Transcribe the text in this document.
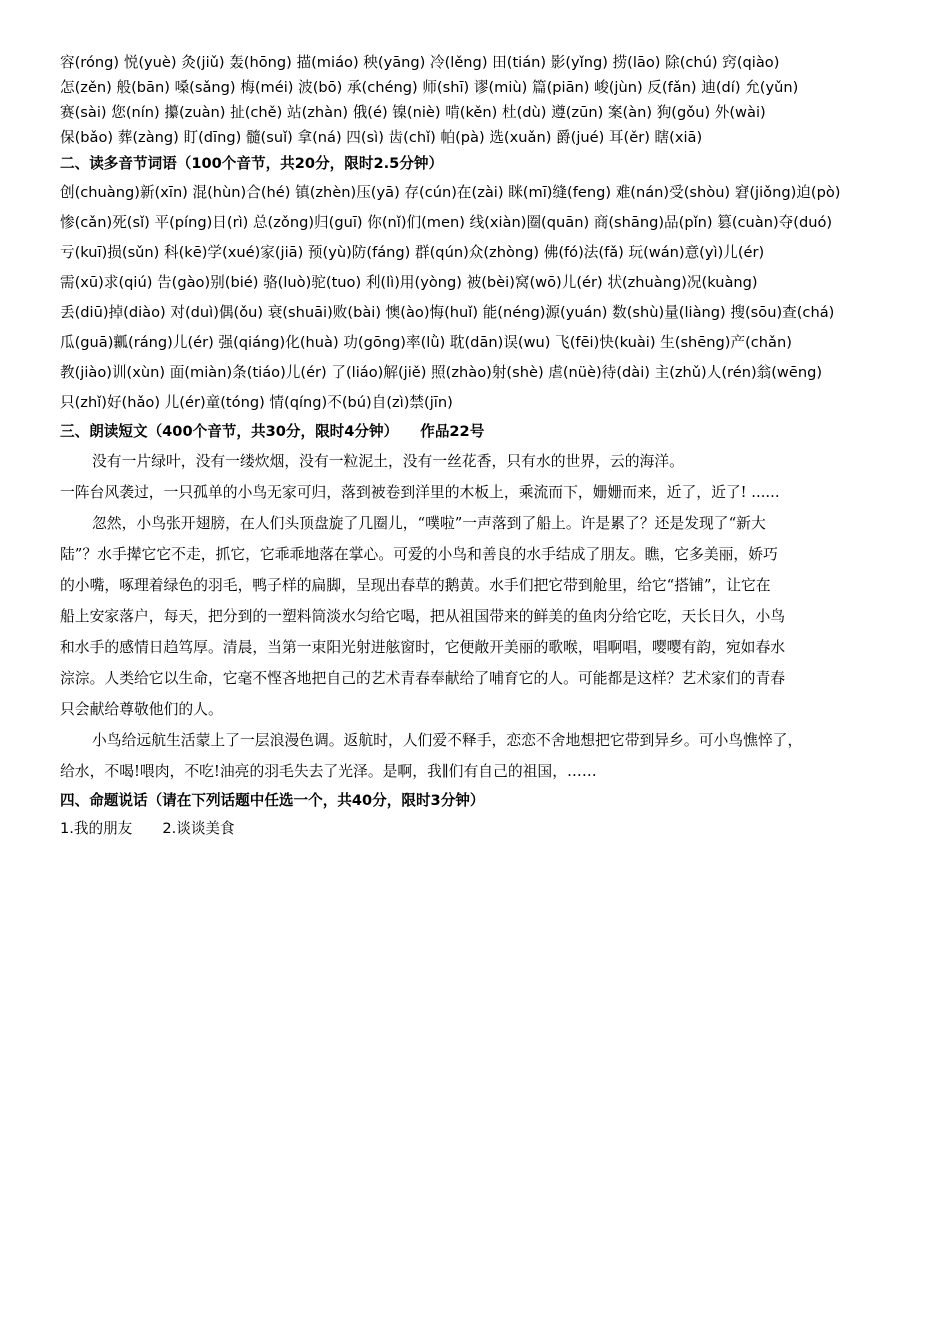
容(róng) 悦(yuè) 灸(jiǔ) 轰(hōng) 描(miáo) 秧(yāng) 冷(lěng) 田(tián) 影(yǐng) 捞(lāo) 除(chú) 窍(qiào)
怎(zěn) 般(bān) 嗓(sǎng) 梅(méi) 波(bō) 承(chéng) 师(shī) 谬(miù) 篇(piān) 峻(jùn) 反(fǎn) 迪(dí) 允(yǔn)
赛(sài) 您(nín) 攥(zuàn) 扯(chě) 站(zhàn) 俄(é) 镍(niè) 啃(kěn) 杜(dù) 遵(zūn) 案(àn) 狗(gǒu) 外(wài)
保(bǎo) 葬(zàng) 盯(dīng) 髓(suǐ) 拿(ná) 四(sì) 齿(chǐ) 帕(pà) 选(xuǎn) 爵(jué) 耳(ěr) 瞎(xiā)
二、读多音节词语（100个音节，共20分，限时2.5分钟）
创(chuàng)新(xīn) 混(hùn)合(hé) 镇(zhèn)压(yā) 存(cún)在(zài) 眯(mī)缝(feng) 难(nán)受(shòu) 窘(jiǒng)迫(pò)
惨(cǎn)死(sǐ) 平(píng)日(rì) 总(zǒng)归(guī) 你(nǐ)们(men) 线(xiàn)圈(quān) 商(shāng)品(pǐn) 篡(cuàn)夺(duó)
亏(kuī)损(sǔn) 科(kē)学(xué)家(jiā) 预(yù)防(fáng) 群(qún)众(zhòng) 佛(fó)法(fǎ) 玩(wán)意(yì)儿(ér)
需(xū)求(qiú) 告(gào)别(bié) 骆(luò)驼(tuo) 利(lì)用(yòng) 被(bèi)窝(wō)儿(ér) 状(zhuàng)况(kuàng)
丢(diū)掉(diào) 对(duì)偶(ǒu) 衰(shuāi)败(bài) 懊(ào)悔(huǐ) 能(néng)源(yuán) 数(shù)量(liàng) 搜(sōu)查(chá)
瓜(guā)瓤(ráng)儿(ér) 强(qiáng)化(huà) 功(gōng)率(lǜ) 耽(dān)误(wu) 飞(fēi)快(kuài) 生(shēng)产(chǎn)
教(jiào)训(xùn) 面(miàn)条(tiáo)儿(ér) 了(liáo)解(jiě) 照(zhào)射(shè) 虐(nüè)待(dài) 主(zhǔ)人(rén)翁(wēng)
只(zhǐ)好(hǎo) 儿(ér)童(tóng) 情(qíng)不(bú)自(zì)禁(jīn)
三、朗读短文（400个音节，共30分，限时4分钟） 作品22号
没有一片绿叶，没有一缕炊烟，没有一粒泥土，没有一丝花香，只有水的世界，云的海洋。
一阵台风袭过，一只孤单的小鸟无家可归，落到被卷到洋里的木板上，乘流而下，姗姗而来，近了，近了! ......
忽然，小鸟张开翅膀，在人们头顶盘旋了几圈儿，“噗啦”一声落到了船上。许是累了？还是发现了“新大
陆”？水手撵它它不走，抓它，它乖乖地落在掌心。可爱的小鸟和善良的水手结成了朋友。瞧，它多美丽，娇巧
的小嘴，啄理着绿色的羽毛，鸭子样的扁脚，呈现出春草的鹅黄。水手们把它带到舱里，给它“搭铺”，让它在
船上安家落户，每天，把分到的一塑料筒淡水匀给它喝，把从祖国带来的鲜美的鱼肉分给它吃，天长日久，小鸟
和水手的感情日趋笃厚。清晨，当第一束阳光射进舷窗时，它便敞开美丽的歌喉，唱啊唱，嘤嘤有韵，宛如春水
淙淙。人类给它以生命，它毫不悭吝地把自己的艺术青春奉献给了哺育它的人。可能都是这样？艺术家们的青春
只会献给尊敬他们的人。
小鸟给远航生活蒙上了一层浪漫色调。返航时，人们爱不释手，恋恋不舍地想把它带到异乡。可小鸟憔悴了，
给水，不喝!喂肉，不吃!油亮的羽毛失去了光泽。是啊，我∥们有自己的祖国，……
四、命题说话（请在下列话题中任选一个，共40分，限时3分钟）
1.我的朋友 2.谈谈美食
